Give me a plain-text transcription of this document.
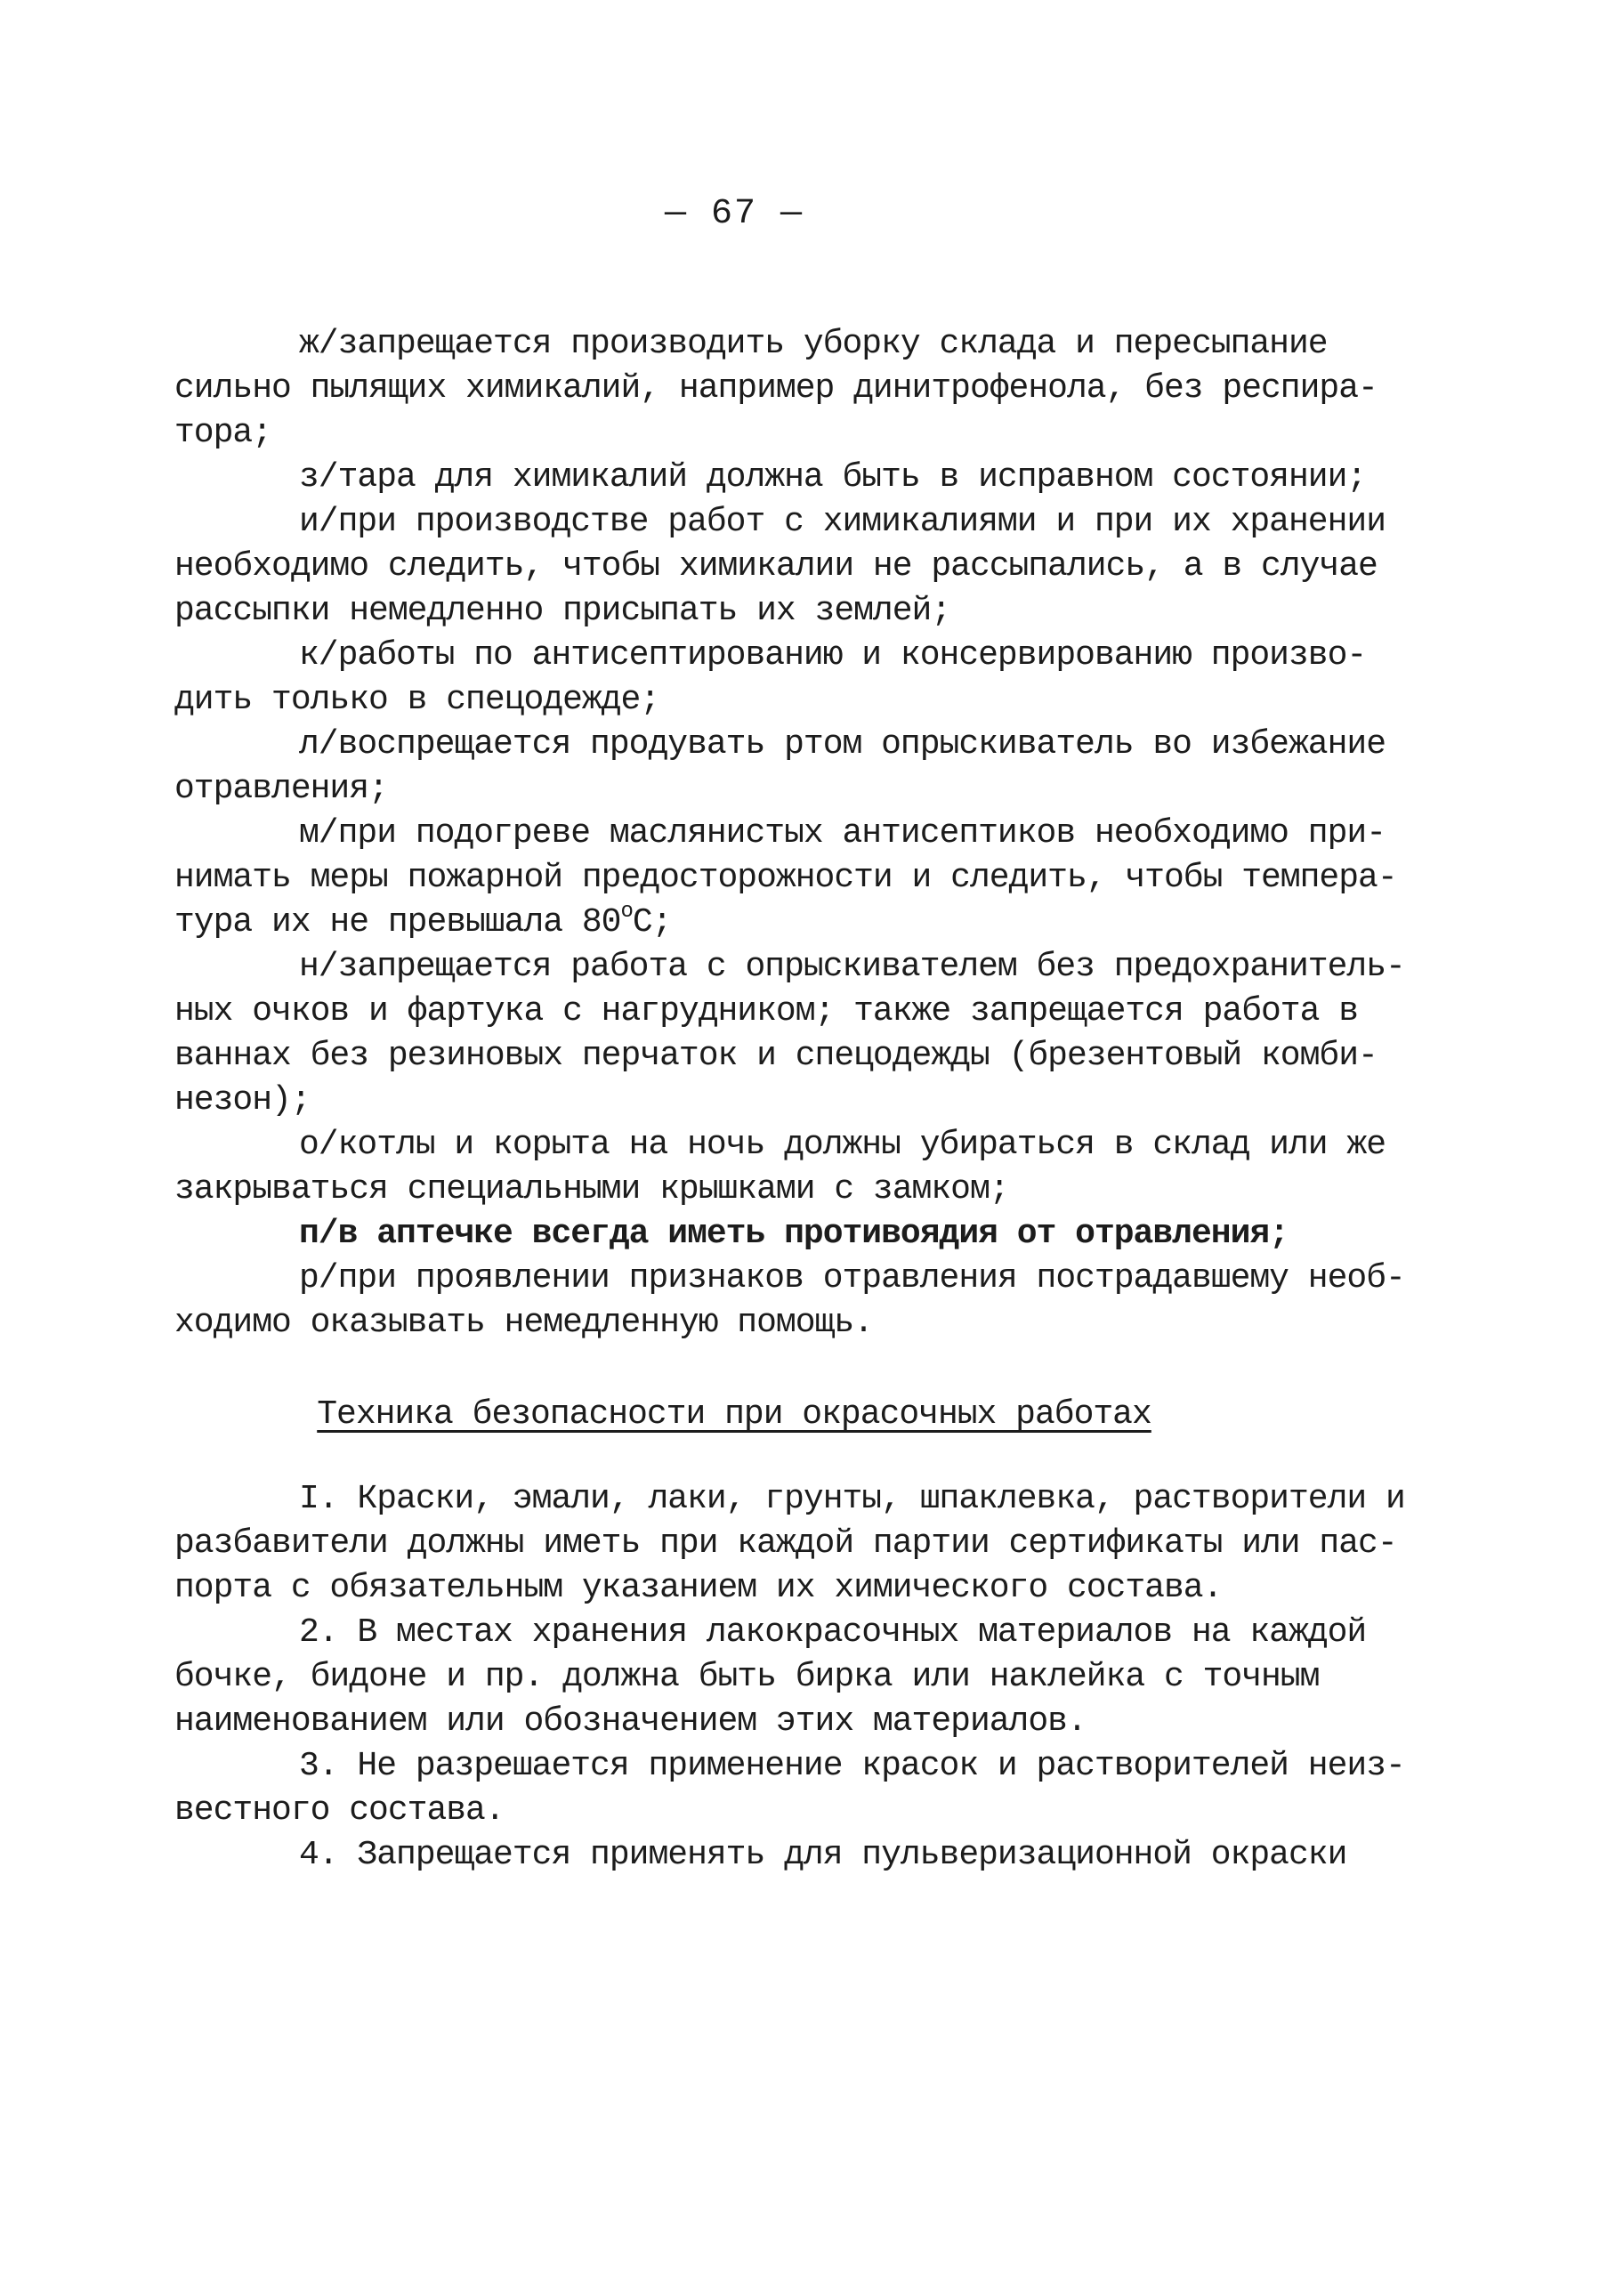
— 67 —
ж/запрещается производить уборку склада и пересыпание
сильно пылящих химикалий, например динитрофенола, без респира-
тора;
з/тара для химикалий должна быть в исправном состоянии;
и/при производстве работ с химикалиями и при их хранении
необходимо следить, чтобы химикалии не рассыпались, а в случае
рассыпки немедленно присыпать их землей;
к/работы по антисептированию и консервированию произво-
дить только в спецодежде;
л/воспрещается продувать ртом опрыскиватель во избежание
отравления;
м/при подогреве маслянистых антисептиков необходимо при-
нимать меры пожарной предосторожности и следить, чтобы темпера-
тура их не превышала $80^оС$;
н/запрещается работа с опрыскивателем без предохранитель-
ных очков и фартука с нагрудником; также запрещается работа в
ваннах без резиновых перчаток и спецодежды (брезентовый комби-
незон);
о/котлы и корыта на ночь должны убираться в склад или же
закрываться специальными крышками с замком;
п/в аптечке всегда иметь противоядия от отравления;
р/при проявлении признаков отравления пострадавшему необ-
ходимо оказывать немедленную помощь.
Техника безопасности при окрасочных работах
I. Краски, эмали, лаки, грунты, шпаклевка, растворители и
разбавители должны иметь при каждой партии сертификаты или пас-
порта с обязательным указанием их химического состава.
2. В местах хранения лакокрасочных материалов на каждой
бочке, бидоне и пр. должна быть бирка или наклейка с точным
наименованием или обозначением этих материалов.
3. Не разрешается применение красок и растворителей неиз-
вестного состава.
4. Запрещается применять для пульверизационной окраски
